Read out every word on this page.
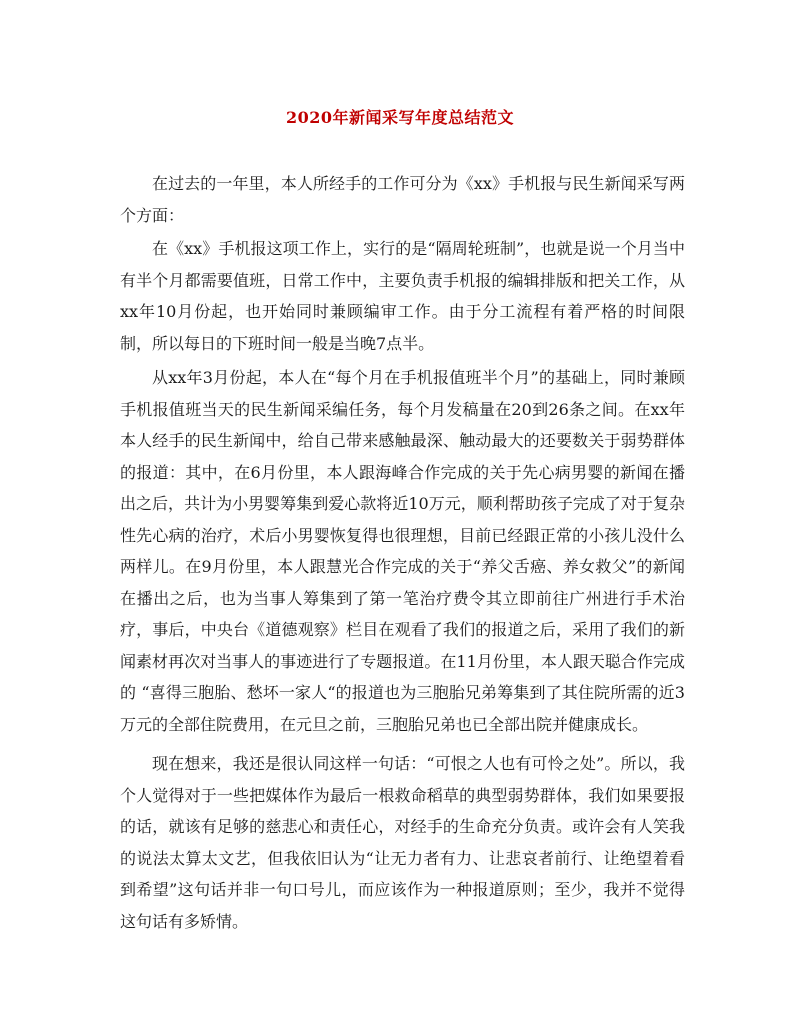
2020年新闻采写年度总结范文

在过去的一年里，本人所经手的工作可分为《xx》手机报与民生新闻采写两个方面：

在《xx》手机报这项工作上，实行的是“隔周轮班制”，也就是说一个月当中有半个月都需要值班，日常工作中，主要负责手机报的编辑排版和把关工作，从xx年10月份起，也开始同时兼顾编审工作。由于分工流程有着严格的时间限制，所以每日的下班时间一般是当晚7点半。

从xx年3月份起，本人在“每个月在手机报值班半个月”的基础上，同时兼顾手机报值班当天的民生新闻采编任务，每个月发稿量在20到26条之间。在xx年本人经手的民生新闻中，给自己带来感触最深、触动最大的还要数关于弱势群体的报道：其中，在6月份里，本人跟海峰合作完成的关于先心病男婴的新闻在播出之后，共计为小男婴筹集到爱心款将近10万元，顺利帮助孩子完成了对于复杂性先心病的治疗，术后小男婴恢复得也很理想，目前已经跟正常的小孩儿没什么两样儿。在9月份里，本人跟慧光合作完成的关于“养父舌癌、养女救父”的新闻在播出之后，也为当事人筹集到了第一笔治疗费令其立即前往广州进行手术治疗，事后，中央台《道德观察》栏目在观看了我们的报道之后，采用了我们的新闻素材再次对当事人的事迹进行了专题报道。在11月份里，本人跟天聪合作完成的 “喜得三胞胎、愁坏一家人“的报道也为三胞胎兄弟筹集到了其住院所需的近3万元的全部住院费用，在元旦之前，三胞胎兄弟也已全部出院并健康成长。

现在想来，我还是很认同这样一句话：“可恨之人也有可怜之处”。所以，我个人觉得对于一些把媒体作为最后一根救命稻草的典型弱势群体，我们如果要报的话，就该有足够的慈悲心和责任心，对经手的生命充分负责。或许会有人笑我的说法太算太文艺，但我依旧认为“让无力者有力、让悲哀者前行、让绝望着看到希望”这句话并非一句口号儿，而应该作为一种报道原则；至少，我并不觉得这句话有多矫情。
